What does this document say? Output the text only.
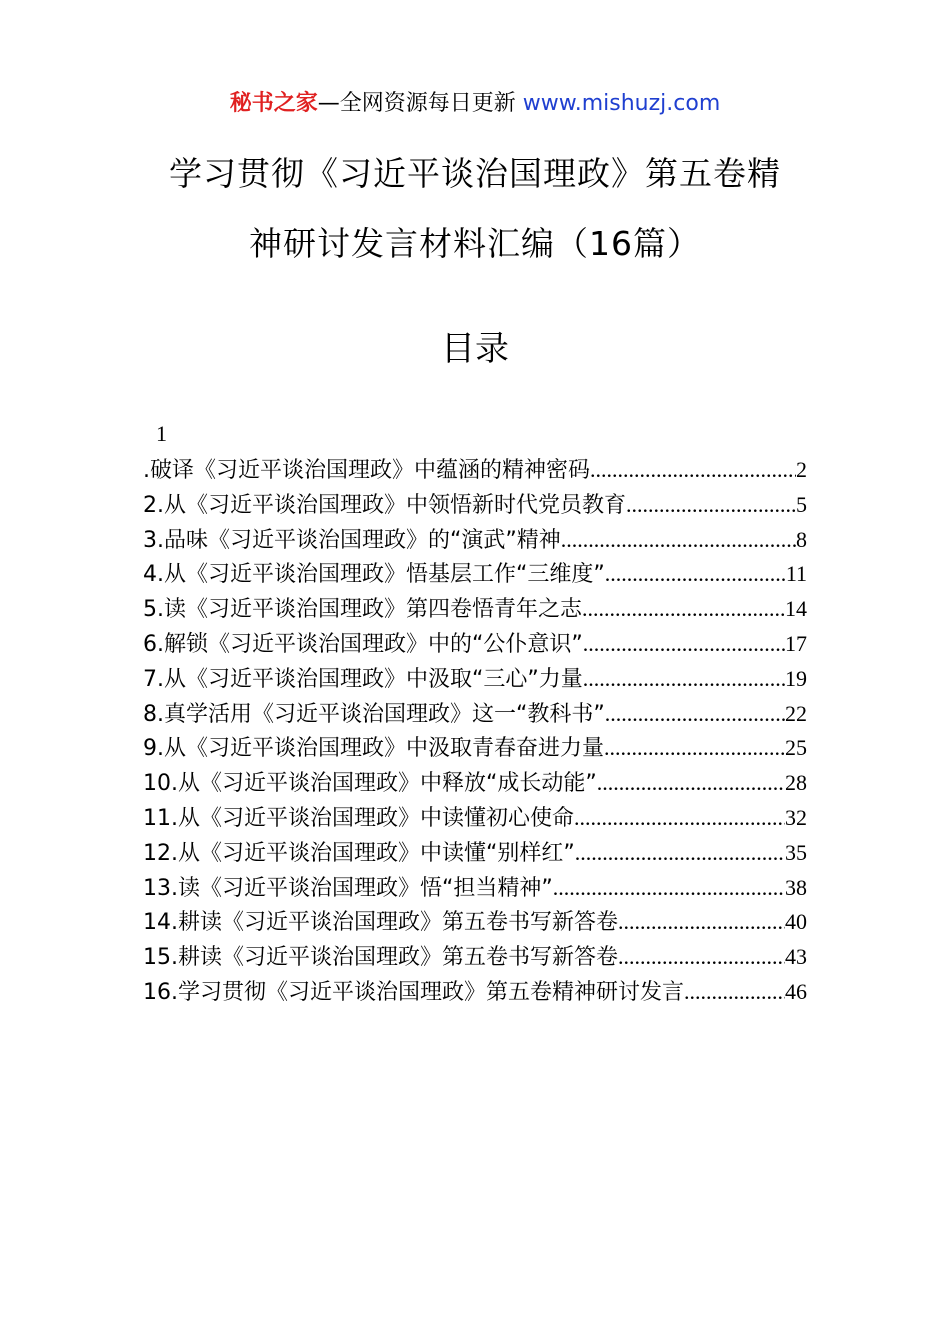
秘书之家—全网资源每日更新 www.mishuzj.com
学习贯彻《习近平谈治国理政》第五卷精
神研讨发言材料汇编（16篇）
目录
1
.破译《习近平谈治国理政》中蕴涵的精神密码 .....	2
2.从《习近平谈治国理政》中领悟新时代党员教育 .....	5
3.品味《习近平谈治国理政》的“演武”精神 .....	8
4.从《习近平谈治国理政》悟基层工作“三维度” .....	11
5.读《习近平谈治国理政》第四卷悟青年之志 .....	14
6.解锁《习近平谈治国理政》中的“公仆意识” .....	17
7.从《习近平谈治国理政》中汲取“三心”力量 .....	19
8.真学活用《习近平谈治国理政》这一“教科书” .....	22
9.从《习近平谈治国理政》中汲取青春奋进力量 .....	25
10.从《习近平谈治国理政》中释放“成长动能” .....	28
11.从《习近平谈治国理政》中读懂初心使命 .....	32
12.从《习近平谈治国理政》中读懂“别样红” .....	35
13.读《习近平谈治国理政》悟“担当精神” .....	38
14.耕读《习近平谈治国理政》第五卷书写新答卷 .....	40
15.耕读《习近平谈治国理政》第五卷书写新答卷 .....	43
16.学习贯彻《习近平谈治国理政》第五卷精神研讨发言 .....	46
